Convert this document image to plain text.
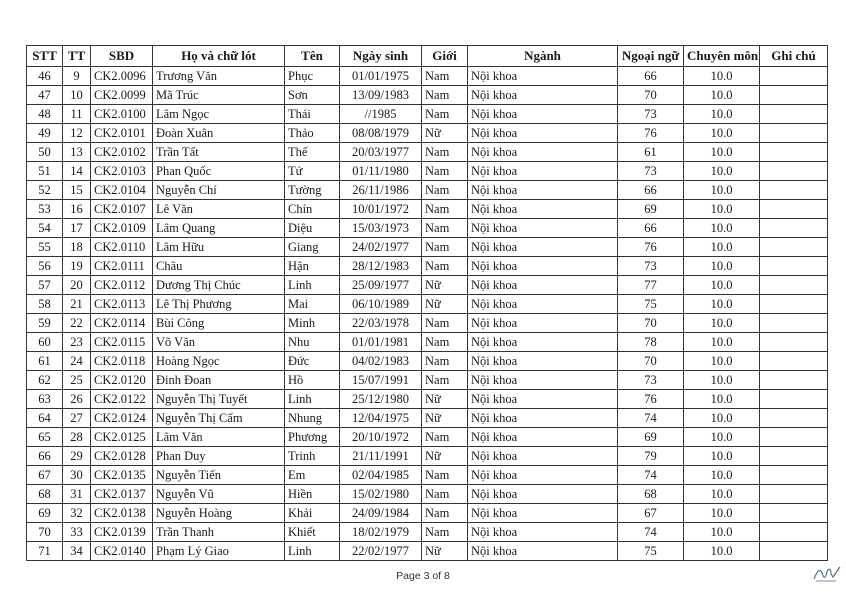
STT	TT	SBD	Họ và chữ lót	Tên	Ngày sinh	Giới	Ngành	Ngoại ngữ	Chuyên môn	Ghi chú
46	9	CK2.0096	Trương Văn	Phục	01/01/1975	Nam	Nội khoa	66	10.0	
47	10	CK2.0099	Mã Trúc	Sơn	13/09/1983	Nam	Nội khoa	70	10.0	
48	11	CK2.0100	Lâm Ngọc	Thái	//1985	Nam	Nội khoa	73	10.0	
49	12	CK2.0101	Đoàn Xuân	Thảo	08/08/1979	Nữ	Nội khoa	76	10.0	
50	13	CK2.0102	Trần Tất	Thế	20/03/1977	Nam	Nội khoa	61	10.0	
51	14	CK2.0103	Phan Quốc	Tứ	01/11/1980	Nam	Nội khoa	73	10.0	
52	15	CK2.0104	Nguyễn Chí	Tường	26/11/1986	Nam	Nội khoa	66	10.0	
53	16	CK2.0107	Lê Văn	Chín	10/01/1972	Nam	Nội khoa	69	10.0	
54	17	CK2.0109	Lâm Quang	Diệu	15/03/1973	Nam	Nội khoa	66	10.0	
55	18	CK2.0110	Lâm Hữu	Giang	24/02/1977	Nam	Nội khoa	76	10.0	
56	19	CK2.0111	Châu	Hận	28/12/1983	Nam	Nội khoa	73	10.0	
57	20	CK2.0112	Dương Thị Chúc	Linh	25/09/1977	Nữ	Nội khoa	77	10.0	
58	21	CK2.0113	Lê Thị Phương	Mai	06/10/1989	Nữ	Nội khoa	75	10.0	
59	22	CK2.0114	Bùi Công	Minh	22/03/1978	Nam	Nội khoa	70	10.0	
60	23	CK2.0115	Võ Văn	Nhu	01/01/1981	Nam	Nội khoa	78	10.0	
61	24	CK2.0118	Hoàng Ngọc	Đức	04/02/1983	Nam	Nội khoa	70	10.0	
62	25	CK2.0120	Đinh Đoan	Hồ	15/07/1991	Nam	Nội khoa	73	10.0	
63	26	CK2.0122	Nguyễn Thị Tuyết	Linh	25/12/1980	Nữ	Nội khoa	76	10.0	
64	27	CK2.0124	Nguyễn Thị Cẩm	Nhung	12/04/1975	Nữ	Nội khoa	74	10.0	
65	28	CK2.0125	Lâm Văn	Phương	20/10/1972	Nam	Nội khoa	69	10.0	
66	29	CK2.0128	Phan Duy	Trinh	21/11/1991	Nữ	Nội khoa	79	10.0	
67	30	CK2.0135	Nguyễn Tiến	Em	02/04/1985	Nam	Nội khoa	74	10.0	
68	31	CK2.0137	Nguyễn Vũ	Hiền	15/02/1980	Nam	Nội khoa	68	10.0	
69	32	CK2.0138	Nguyễn Hoàng	Khải	24/09/1984	Nam	Nội khoa	67	10.0	
70	33	CK2.0139	Trần Thanh	Khiết	18/02/1979	Nam	Nội khoa	74	10.0	
71	34	CK2.0140	Phạm Lý Giao	Linh	22/02/1977	Nữ	Nội khoa	75	10.0	
Page 3 of 8
